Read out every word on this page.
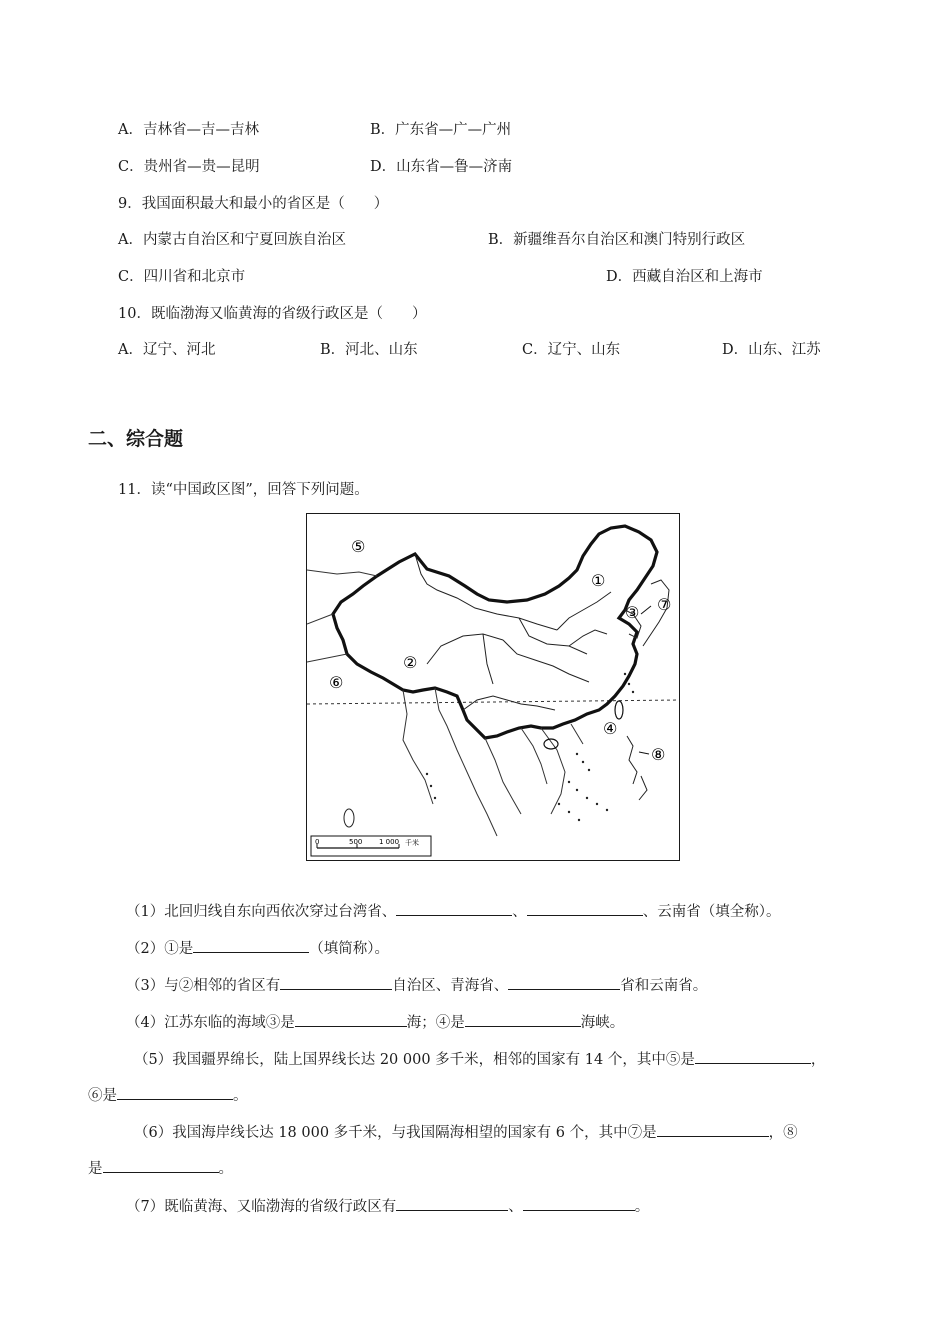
A．吉林省—吉—吉林	B．广东省—广—广州
C．贵州省—贵—昆明	D．山东省—鲁—济南
9．我国面积最大和最小的省区是（　　）
A．内蒙古自治区和宁夏回族自治区	B．新疆维吾尔自治区和澳门特别行政区
C．四川省和北京市	D．西藏自治区和上海市
10．既临渤海又临黄海的省级行政区是（　　）
A．辽宁、河北	B．河北、山东	C．辽宁、山东	D．山东、江苏
二、综合题
11．读“中国政区图”，回答下列问题。
①
②
③
④
⑤
⑥
⑦
⑧
0	500 1 000 千米
（1）北回归线自东向西依次穿过台湾省、	、	、云南省（填全称）。
（2）①是	（填简称）。
（3）与②相邻的省区有	自治区、青海省、	省和云南省。
（4）江苏东临的海域③是	海；④是	海峡。
（5）我国疆界绵长，陆上国界线长达 20 000 多千米，相邻的国家有 14 个，其中⑤是	，
⑥是	。
（6）我国海岸线长达 18 000 多千米，与我国隔海相望的国家有 6 个，其中⑦是	，⑧
是	。
（7）既临黄海、又临渤海的省级行政区有	、	。
